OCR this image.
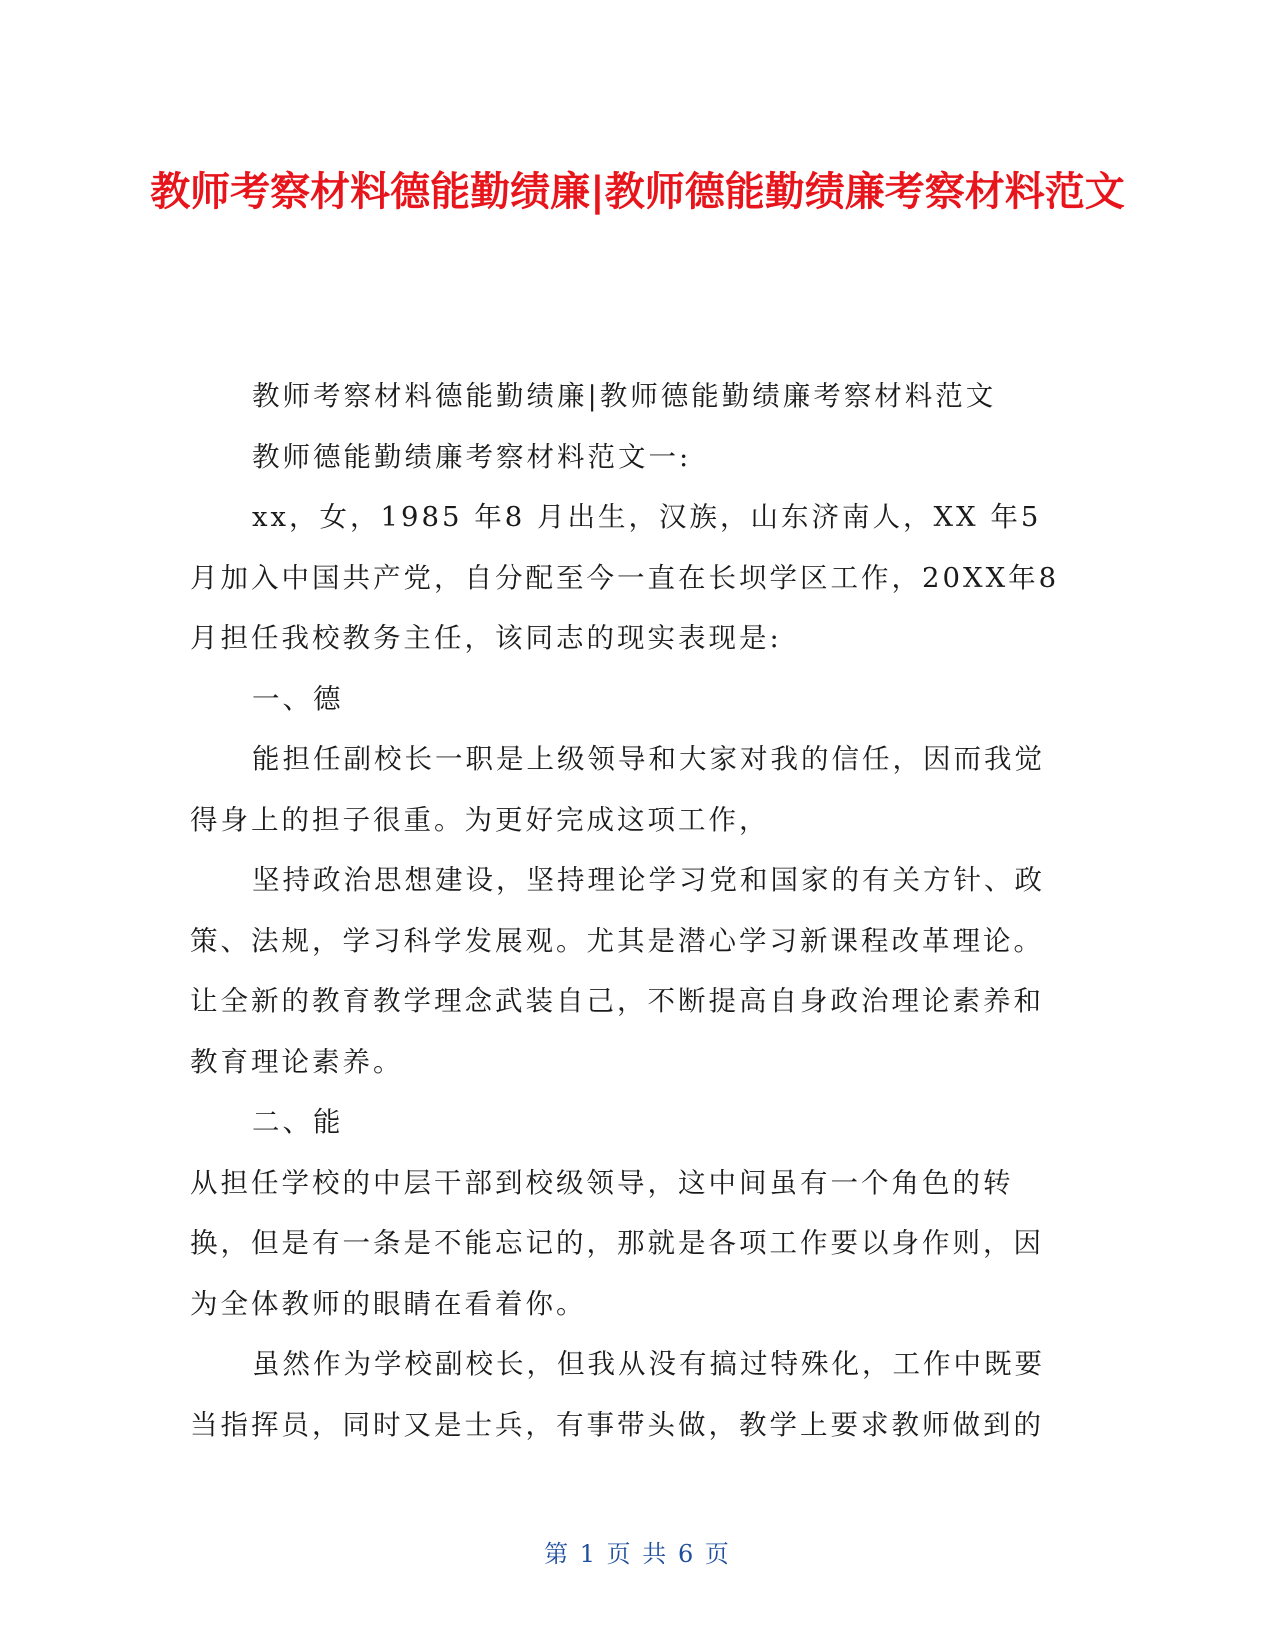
教师考察材料德能勤绩廉|教师德能勤绩廉考察材料范文

教师考察材料德能勤绩廉|教师德能勤绩廉考察材料范文

教师德能勤绩廉考察材料范文一:

xx，女，1985 年8 月出生，汉族，山东济南人，XX 年5

月加入中国共产党，自分配至今一直在长坝学区工作，20XX年8月担任我校教务主任，该同志的现实表现是:

一、德

能担任副校长一职是上级领导和大家对我的信任，因而我觉得身上的担子很重。为更好完成这项工作，

坚持政治思想建设，坚持理论学习党和国家的有关方针、政策、法规，学习科学发展观。尤其是潜心学习新课程改革理论。让全新的教育教学理念武装自己，不断提高自身政治理论素养和教育理论素养。

二、能

从担任学校的中层干部到校级领导，这中间虽有一个角色的转换，但是有一条是不能忘记的，那就是各项工作要以身作则，因为全体教师的眼睛在看着你。

虽然作为学校副校长，但我从没有搞过特殊化，工作中既要当指挥员，同时又是士兵，有事带头做，教学上要求教师做到的

第 1 页 共 6 页
